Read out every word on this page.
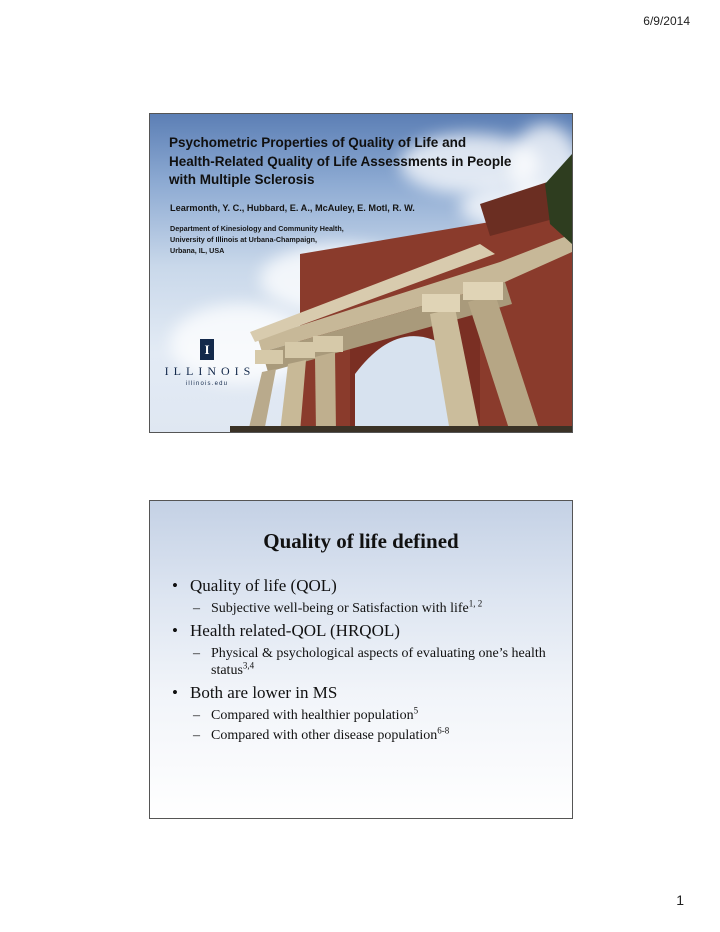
6/9/2014
Psychometric Properties of Quality of Life and
Health-Related Quality of Life Assessments in People
with Multiple Sclerosis
Learmonth, Y. C., Hubbard, E. A., McAuley, E. Motl, R. W.
Department of Kinesiology and Community Health,
University of Illinois at Urbana-Champaign,
Urbana, IL, USA
I
ILLINOIS
illinois.edu
Quality of life defined
• Quality of life (QOL)
– Subjective well-being or Satisfaction with life$^{1, 2}$
• Health related-QOL (HRQOL)
– Physical & psychological aspects of evaluating one’s health status$^{3,4}$
• Both are lower in MS
– Compared with healthier population$^5$
– Compared with other disease population$^{6-8}$
1
